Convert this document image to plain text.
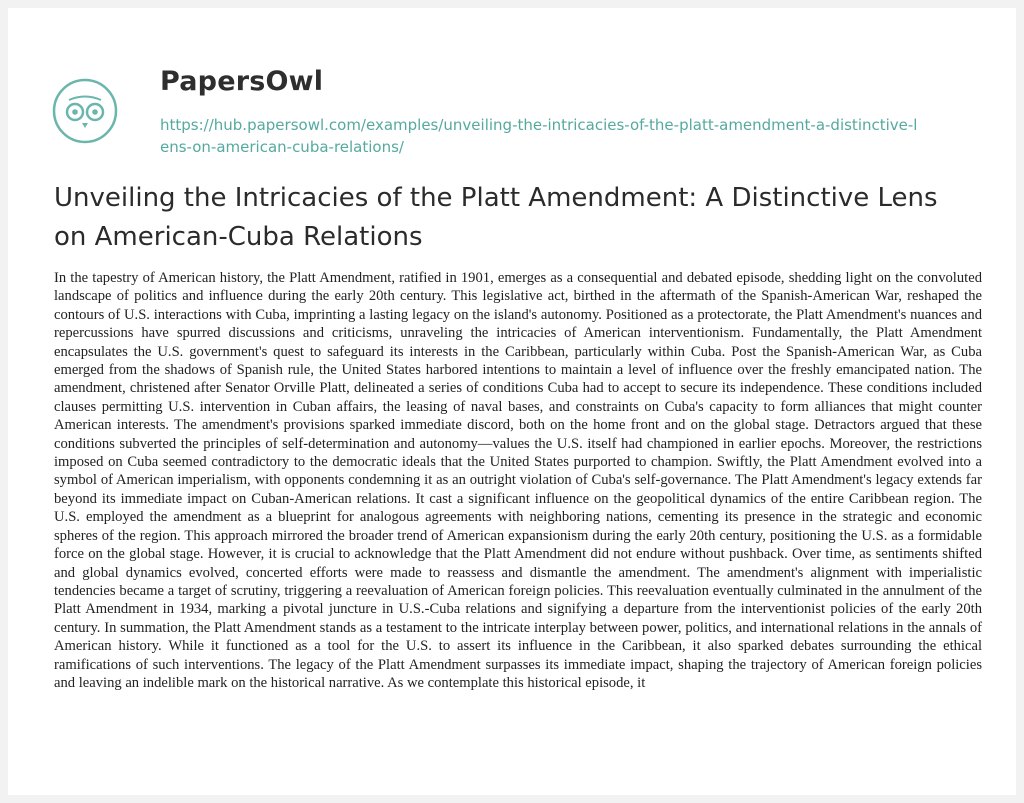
PapersOwl
https://hub.papersowl.com/examples/unveiling-the-intricacies-of-the-platt-amendment-a-distinctive-lens-on-american-cuba-relations/
Unveiling the Intricacies of the Platt Amendment: A Distinctive Lens on American-Cuba Relations

In the tapestry of American history, the Platt Amendment, ratified in 1901, emerges as a consequential and debated episode, shedding light on the convoluted landscape of politics and influence during the early 20th century. This legislative act, birthed in the aftermath of the Spanish-American War, reshaped the contours of U.S. interactions with Cuba, imprinting a lasting legacy on the island's autonomy. Positioned as a protectorate, the Platt Amendment's nuances and repercussions have spurred discussions and criticisms, unraveling the intricacies of American interventionism. Fundamentally, the Platt Amendment encapsulates the U.S. government's quest to safeguard its interests in the Caribbean, particularly within Cuba. Post the Spanish-American War, as Cuba emerged from the shadows of Spanish rule, the United States harbored intentions to maintain a level of influence over the freshly emancipated nation. The amendment, christened after Senator Orville Platt, delineated a series of conditions Cuba had to accept to secure its independence. These conditions included clauses permitting U.S. intervention in Cuban affairs, the leasing of naval bases, and constraints on Cuba's capacity to form alliances that might counter American interests. The amendment's provisions sparked immediate discord, both on the home front and on the global stage. Detractors argued that these conditions subverted the principles of self-determination and autonomy—values the U.S. itself had championed in earlier epochs. Moreover, the restrictions imposed on Cuba seemed contradictory to the democratic ideals that the United States purported to champion. Swiftly, the Platt Amendment evolved into a symbol of American imperialism, with opponents condemning it as an outright violation of Cuba's self-governance. The Platt Amendment's legacy extends far beyond its immediate impact on Cuban-American relations. It cast a significant influence on the geopolitical dynamics of the entire Caribbean region. The U.S. employed the amendment as a blueprint for analogous agreements with neighboring nations, cementing its presence in the strategic and economic spheres of the region. This approach mirrored the broader trend of American expansionism during the early 20th century, positioning the U.S. as a formidable force on the global stage. However, it is crucial to acknowledge that the Platt Amendment did not endure without pushback. Over time, as sentiments shifted and global dynamics evolved, concerted efforts were made to reassess and dismantle the amendment. The amendment's alignment with imperialistic tendencies became a target of scrutiny, triggering a reevaluation of American foreign policies. This reevaluation eventually culminated in the annulment of the Platt Amendment in 1934, marking a pivotal juncture in U.S.-Cuba relations and signifying a departure from the interventionist policies of the early 20th century. In summation, the Platt Amendment stands as a testament to the intricate interplay between power, politics, and international relations in the annals of American history. While it functioned as a tool for the U.S. to assert its influence in the Caribbean, it also sparked debates surrounding the ethical ramifications of such interventions. The legacy of the Platt Amendment surpasses its immediate impact, shaping the trajectory of American foreign policies and leaving an indelible mark on the historical narrative. As we contemplate this historical episode, it
